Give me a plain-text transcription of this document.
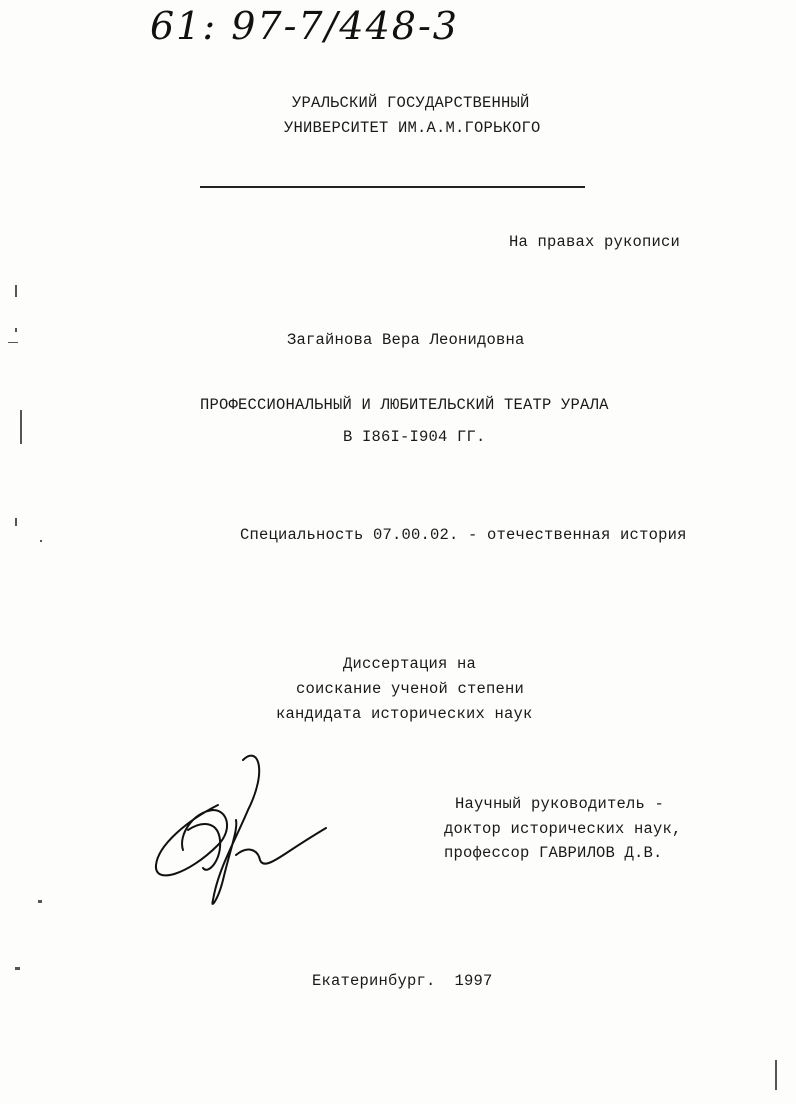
61: 97-7/448-3
УРАЛЬСКИЙ ГОСУДАРСТВЕННЫЙ
УНИВЕРСИТЕТ ИМ.А.М.ГОРЬКОГО
На правах рукописи
Загайнова Вера Леонидовна
ПРОФЕССИОНАЛЬНЫЙ И ЛЮБИТЕЛЬСКИЙ ТЕАТР УРАЛА
В I86I-I904 ГГ.
Специальность 07.00.02. - отечественная история
Диссертация на
соискание ученой степени
кандидата исторических наук
Научный руководитель -
доктор исторических наук,
профессор ГАВРИЛОВ Д.В.
Екатеринбург.  1997
